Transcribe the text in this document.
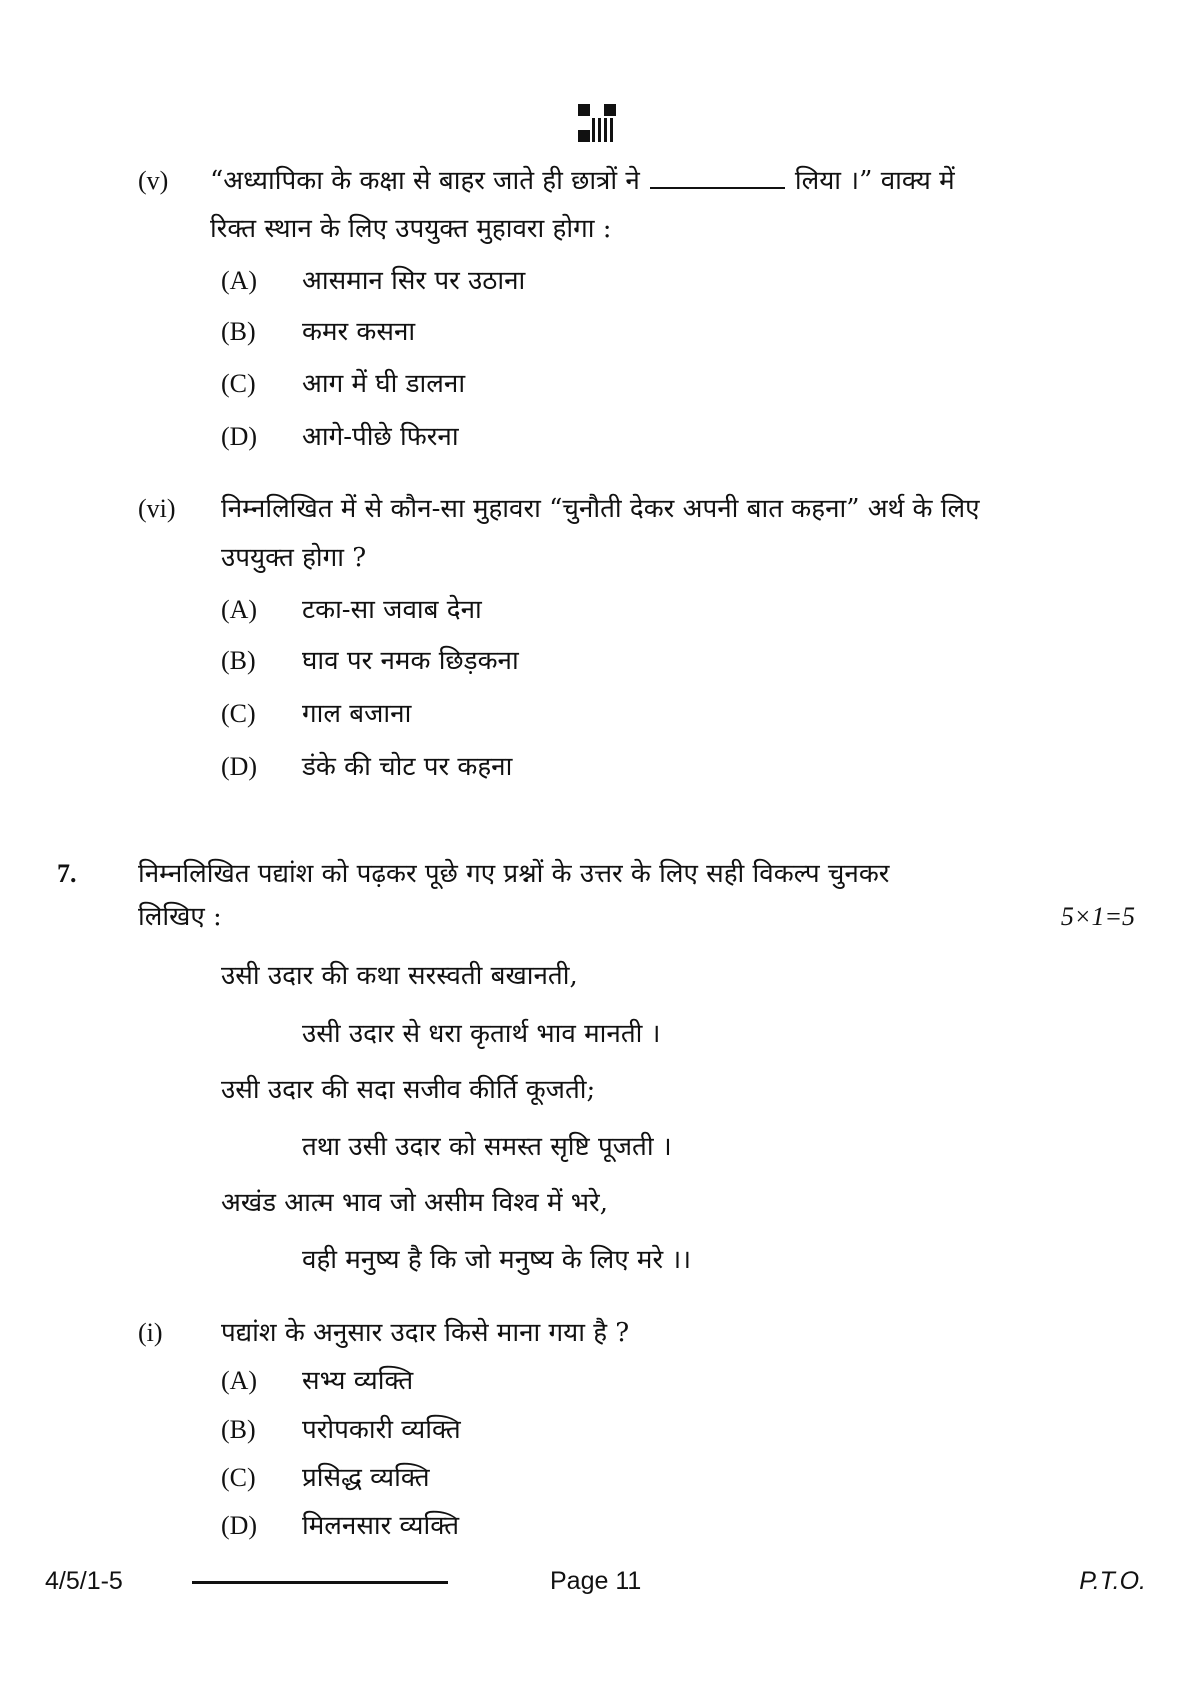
(v) “अध्यापिका के कक्षा से बाहर जाते ही छात्रों ने	लिया ।” वाक्य में
रिक्त स्थान के लिए उपयुक्त मुहावरा होगा :
(A) आसमान सिर पर उठाना
(B) कमर कसना
(C) आग में घी डालना
(D) आगे-पीछे फिरना
(vi) निम्नलिखित में से कौन-सा मुहावरा “चुनौती देकर अपनी बात कहना” अर्थ के लिए
उपयुक्त होगा ?
(A) टका-सा जवाब देना
(B) घाव पर नमक छिड़कना
(C) गाल बजाना
(D) डंके की चोट पर कहना
7. निम्नलिखित पद्यांश को पढ़कर पूछे गए प्रश्नों के उत्तर के लिए सही विकल्प चुनकर
लिखिए :	5×1=5
उसी उदार की कथा सरस्वती बखानती,
उसी उदार से धरा कृतार्थ भाव मानती ।
उसी उदार की सदा सजीव कीर्ति कूजती;
तथा उसी उदार को समस्त सृष्टि पूजती ।
अखंड आत्म भाव जो असीम विश्व में भरे,
वही मनुष्य है कि जो मनुष्य के लिए मरे ।।
(i) पद्यांश के अनुसार उदार किसे माना गया है ?
(A) सभ्य व्यक्ति
(B) परोपकारी व्यक्ति
(C) प्रसिद्ध व्यक्ति
(D) मिलनसार व्यक्ति
4/5/1-5	Page 11	P.T.O.
